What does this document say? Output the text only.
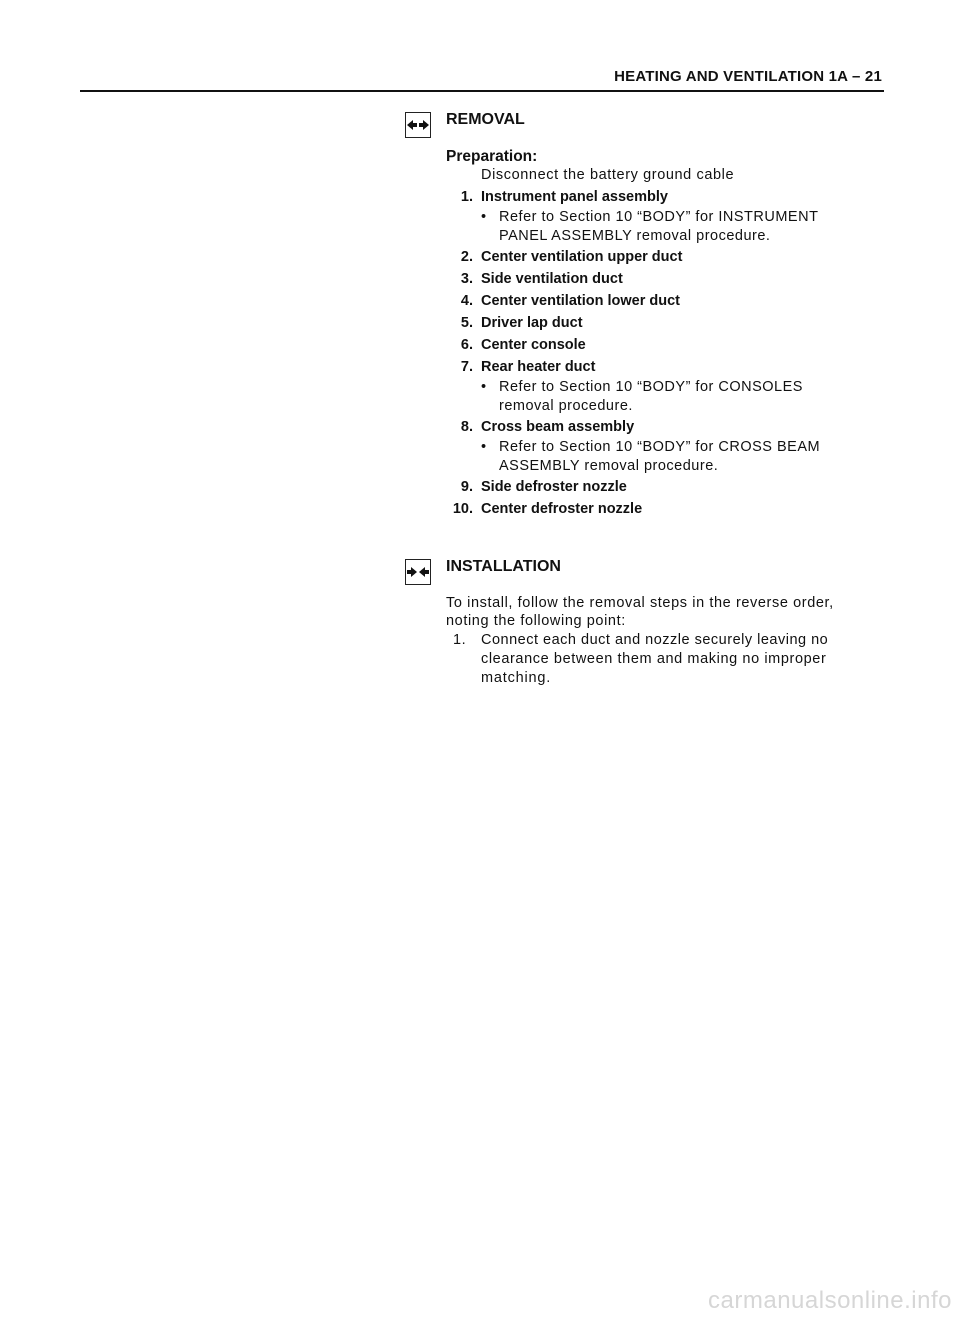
HEATING AND VENTILATION 1A – 21
REMOVAL
Preparation:
Disconnect the battery ground cable
1. Instrument panel assembly
• Refer to Section 10 “BODY” for INSTRUMENT
PANEL ASSEMBLY removal procedure.
2. Center ventilation upper duct
3. Side ventilation duct
4. Center ventilation lower duct
5. Driver lap duct
6. Center console
7. Rear heater duct
• Refer to Section 10 “BODY” for CONSOLES
removal procedure.
8. Cross beam assembly
• Refer to Section 10 “BODY” for CROSS BEAM
ASSEMBLY removal procedure.
9. Side defroster nozzle
10. Center defroster nozzle
INSTALLATION
To install, follow the removal steps in the reverse order,
noting the following point:
1. Connect each duct and nozzle securely leaving no
clearance between them and making no improper
matching.
carmanualsonline.info
